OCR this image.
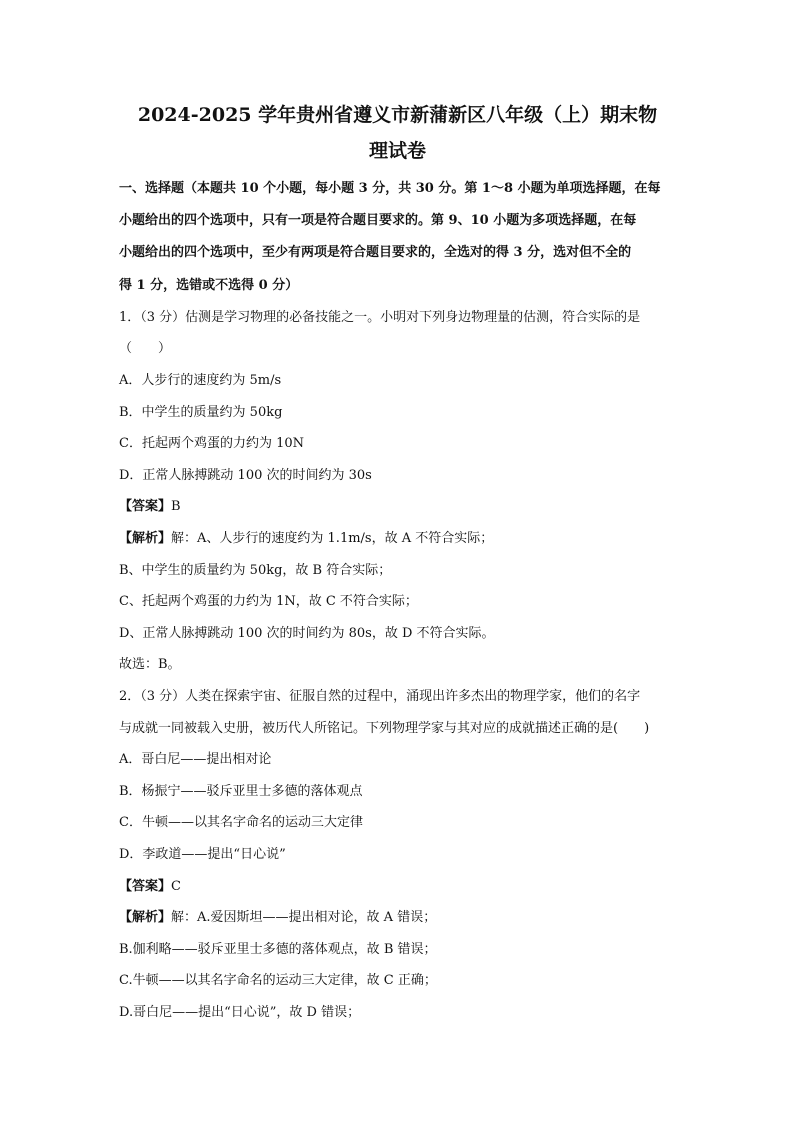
2024-2025 学年贵州省遵义市新蒲新区八年级（上）期末物
理试卷
一、选择题（本题共 10 个小题，每小题 3 分，共 30 分。第 1～8 小题为单项选择题，在每
小题给出的四个选项中，只有一项是符合题目要求的。第 9、10 小题为多项选择题，在每
小题给出的四个选项中，至少有两项是符合题目要求的，全选对的得 3 分，选对但不全的
得 1 分，选错或不选得 0 分）
1．（3 分）估测是学习物理的必备技能之一。小明对下列身边物理量的估测，符合实际的是
（　　）
A．人步行的速度约为 5m/s
B．中学生的质量约为 50kg
C．托起两个鸡蛋的力约为 10N
D．正常人脉搏跳动 100 次的时间约为 30s
【答案】B
【解析】解：A、人步行的速度约为 1.1m/s，故 A 不符合实际；
B、中学生的质量约为 50kg，故 B 符合实际；
C、托起两个鸡蛋的力约为 1N，故 C 不符合实际；
D、正常人脉搏跳动 100 次的时间约为 80s，故 D 不符合实际。
故选：B。
2．（3 分）人类在探索宇宙、征服自然的过程中，涌现出许多杰出的物理学家，他们的名字
与成就一同被载入史册，被历代人所铭记。下列物理学家与其对应的成就描述正确的是(　　)
A．哥白尼——提出相对论
B．杨振宁——驳斥亚里士多德的落体观点
C．牛顿——以其名字命名的运动三大定律
D．李政道——提出“日心说”
【答案】C
【解析】解：A.爱因斯坦——提出相对论，故 A 错误；
B.伽利略——驳斥亚里士多德的落体观点，故 B 错误；
C.牛顿——以其名字命名的运动三大定律，故 C 正确；
D.哥白尼——提出“日心说”，故 D 错误；
